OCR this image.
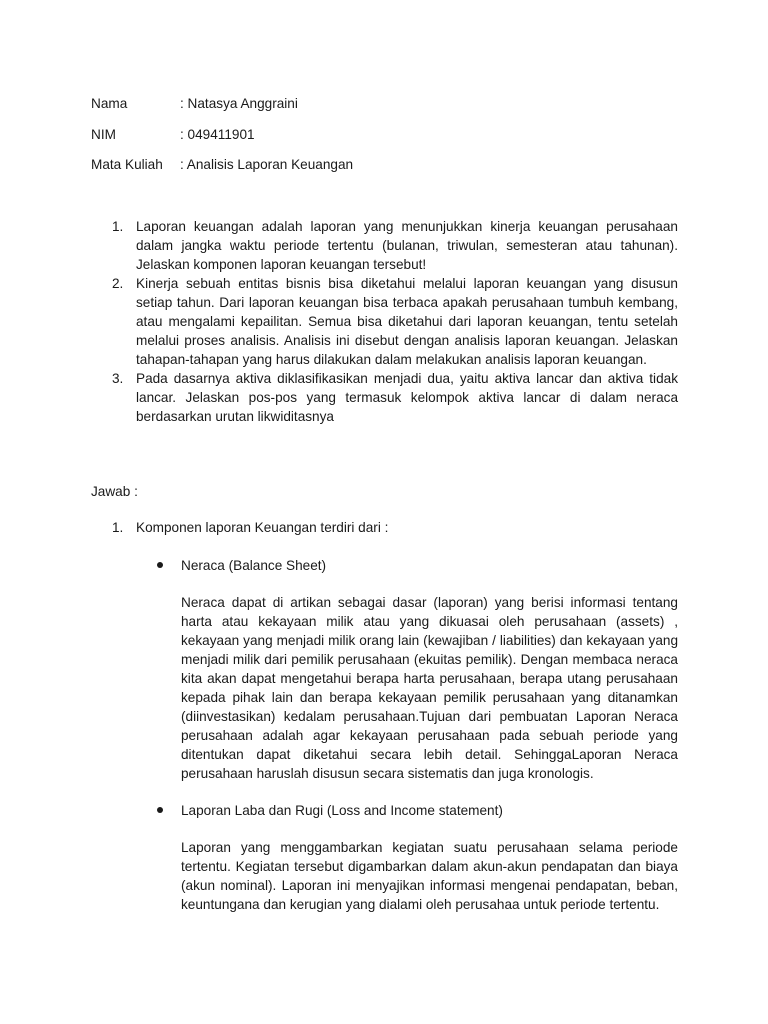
Nama	: Natasya Anggraini
NIM	: 049411901
Mata Kuliah : Analisis Laporan Keuangan
1. Laporan keuangan adalah laporan yang menunjukkan kinerja keuangan perusahaan dalam jangka waktu periode tertentu (bulanan, triwulan, semesteran atau tahunan). Jelaskan komponen laporan keuangan tersebut!
2. Kinerja sebuah entitas bisnis bisa diketahui melalui laporan keuangan yang disusun setiap tahun. Dari laporan keuangan bisa terbaca apakah perusahaan tumbuh kembang, atau mengalami kepailitan. Semua bisa diketahui dari laporan keuangan, tentu setelah melalui proses analisis. Analisis ini disebut dengan analisis laporan keuangan. Jelaskan tahapan-tahapan yang harus dilakukan dalam melakukan analisis laporan keuangan.
3. Pada dasarnya aktiva diklasifikasikan menjadi dua, yaitu aktiva lancar dan aktiva tidak lancar. Jelaskan pos-pos yang termasuk kelompok aktiva lancar di dalam neraca berdasarkan urutan likwiditasnya
Jawab :
1. Komponen laporan Keuangan terdiri dari :
Neraca (Balance Sheet)
Neraca dapat di artikan sebagai dasar (laporan) yang berisi informasi tentang harta atau kekayaan milik atau yang dikuasai oleh perusahaan (assets) , kekayaan yang menjadi milik orang lain (kewajiban / liabilities) dan kekayaan yang menjadi milik dari pemilik perusahaan (ekuitas pemilik). Dengan membaca neraca kita akan dapat mengetahui berapa harta perusahaan, berapa utang perusahaan kepada pihak lain dan berapa kekayaan pemilik perusahaan yang ditanamkan (diinvestasikan) kedalam perusahaan.Tujuan dari pembuatan Laporan Neraca perusahaan adalah agar kekayaan perusahaan pada sebuah periode yang ditentukan dapat diketahui secara lebih detail. SehinggaLaporan Neraca perusahaan haruslah disusun secara sistematis dan juga kronologis.
Laporan Laba dan Rugi (Loss and Income statement)
Laporan yang menggambarkan kegiatan suatu perusahaan selama periode tertentu. Kegiatan tersebut digambarkan dalam akun-akun pendapatan dan biaya (akun nominal). Laporan ini menyajikan informasi mengenai pendapatan, beban, keuntungana dan kerugian yang dialami oleh perusahaa untuk periode tertentu.
